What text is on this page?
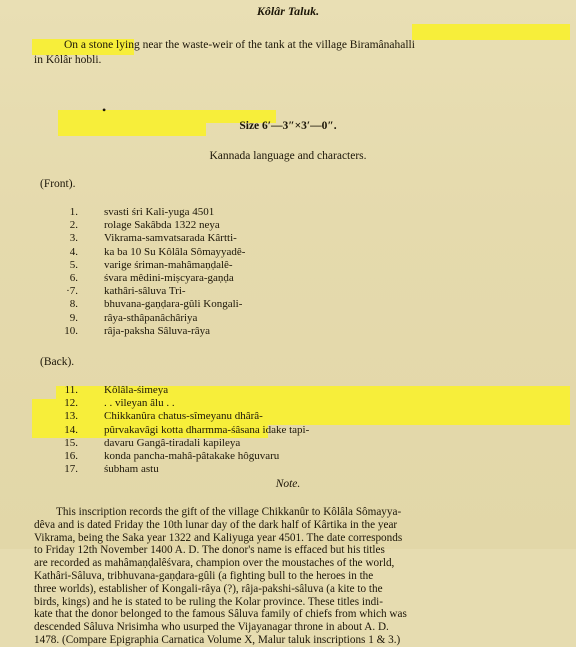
Kôlâr Taluk.
On a stone lying near the waste-weir of the tank at the village Biramânahalli
in Kôlâr hobli.
•
Size 6′—3″×3′—0″.
Kannada language and characters.
(Front).
1. svasti śri Kali-yuga 4501
2. rolage Sakâbda 1322 neya
3. Vikrama-samvatsarada Kârtti-
4. ka ba 10 Su Kôlâla Sômayyadê-
5. varige śriman-mahâmaṇḍalê-
6. śvara mêdini-miṣcyara-gaṇḍa
·7. kathâri-sâluva Tri-
8. bhuvana-gaṇḍara-gûli Kongali-
9. râya-sthâpanâchâriya
10. râja-paksha Sâluva-râya
(Back).
11. Kôlâla-śimeya
12. . . vileyan âlu . .
13. Chikkanûra chatus-sîmeyanu dhârâ-
14. pûrvakavâgi kotta dharmma-śâsana idake tapi-
15. davaru Gangâ-tiradali kapileya
16. konda pancha-mahâ-pâtakake hôguvaru
17. śubham astu
Note.
This inscription records the gift of the village Chikkanûr to Kôlâla Sômayya-
dêva and is dated Friday the 10th lunar day of the dark half of Kârtika in the year
Vikrama, being the Saka year 1322 and Kaliyuga year 4501. The date corresponds
to Friday 12th November 1400 A. D. The donor's name is effaced but his titles
are recorded as mahâmaṇḍalêśvara, champion over the moustaches of the world,
Kathâri-Sâluva, tribhuvana-gaṇḍara-gûli (a fighting bull to the heroes in the
three worlds), establisher of Kongali-râya (?), râja-pakshi-sâluva (a kite to the
birds, kings) and he is stated to be ruling the Kolar province. These titles indi-
kate that the donor belonged to the famous Sâluva family of chiefs from which was
descended Sâluva Nrisimha who usurped the Vijayanagar throne in about A. D.
1478. (Compare Epigraphia Carnatica Volume X, Malur taluk inscriptions 1 & 3.)
